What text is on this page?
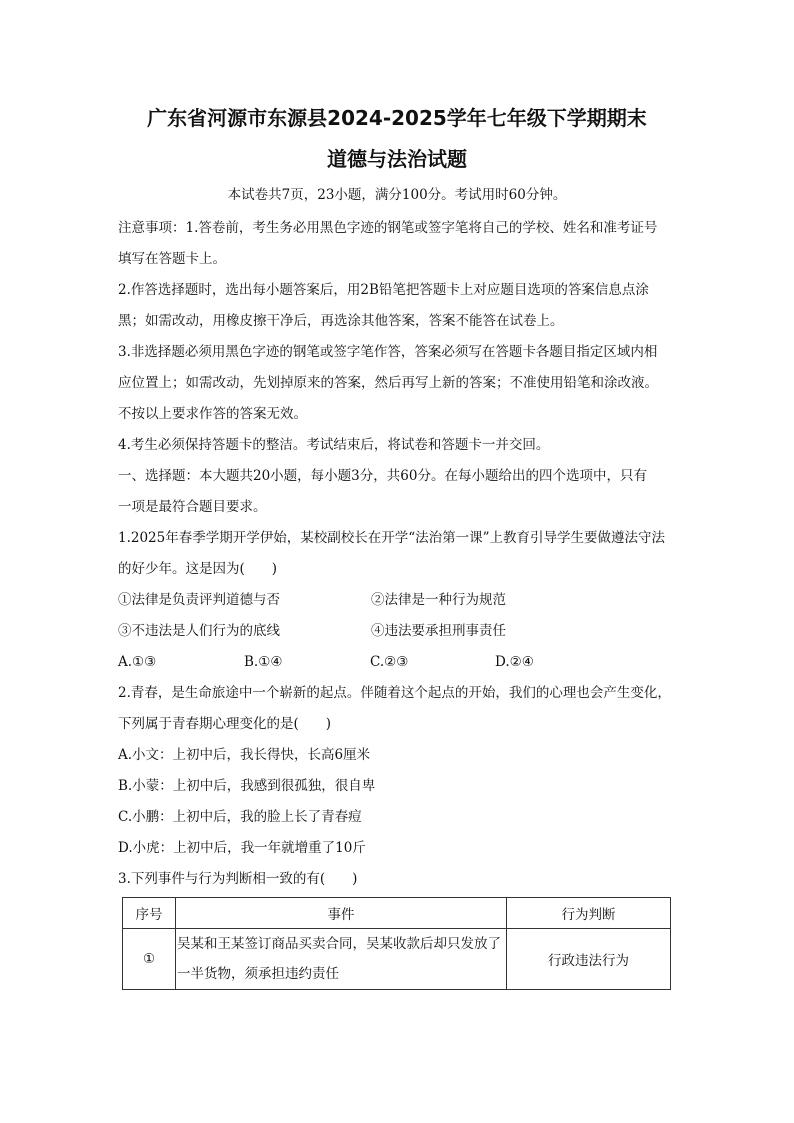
广东省河源市东源县2024-2025学年七年级下学期期末
道德与法治试题
本试卷共7页，23小题，满分100分。考试用时60分钟。
注意事项：1.答卷前，考生务必用黑色字迹的钢笔或签字笔将自己的学校、姓名和准考证号
填写在答题卡上。
2.作答选择题时，选出每小题答案后，用2B铅笔把答题卡上对应题目选项的答案信息点涂
黑；如需改动，用橡皮擦干净后，再选涂其他答案，答案不能答在试卷上。
3.非选择题必须用黑色字迹的钢笔或签字笔作答，答案必须写在答题卡各题目指定区域内相
应位置上；如需改动，先划掉原来的答案，然后再写上新的答案；不准使用铅笔和涂改液。
不按以上要求作答的答案无效。
4.考生必须保持答题卡的整洁。考试结束后，将试卷和答题卡一并交回。
一、选择题：本大题共20小题，每小题3分，共60分。在每小题给出的四个选项中，只有
一项是最符合题目要求。
1.2025年春季学期开学伊始，某校副校长在开学“法治第一课”上教育引导学生要做遵法守法
的好少年。这是因为(　　)
①法律是负责评判道德与否	②法律是一种行为规范
③不违法是人们行为的底线	④违法要承担刑事责任
A.①③	B.①④	C.②③	D.②④
2.青春，是生命旅途中一个崭新的起点。伴随着这个起点的开始，我们的心理也会产生变化，
下列属于青春期心理变化的是(　　)
A.小文：上初中后，我长得快，长高6厘米
B.小蒙：上初中后，我感到很孤独，很自卑
C.小鹏：上初中后，我的脸上长了青春痘
D.小虎：上初中后，我一年就增重了10斤
3.下列事件与行为判断相一致的有(　　)
序号	事件	行为判断
①	吴某和王某签订商品买卖合同，吴某收款后却只发放了
一半货物，须承担违约责任	行政违法行为
